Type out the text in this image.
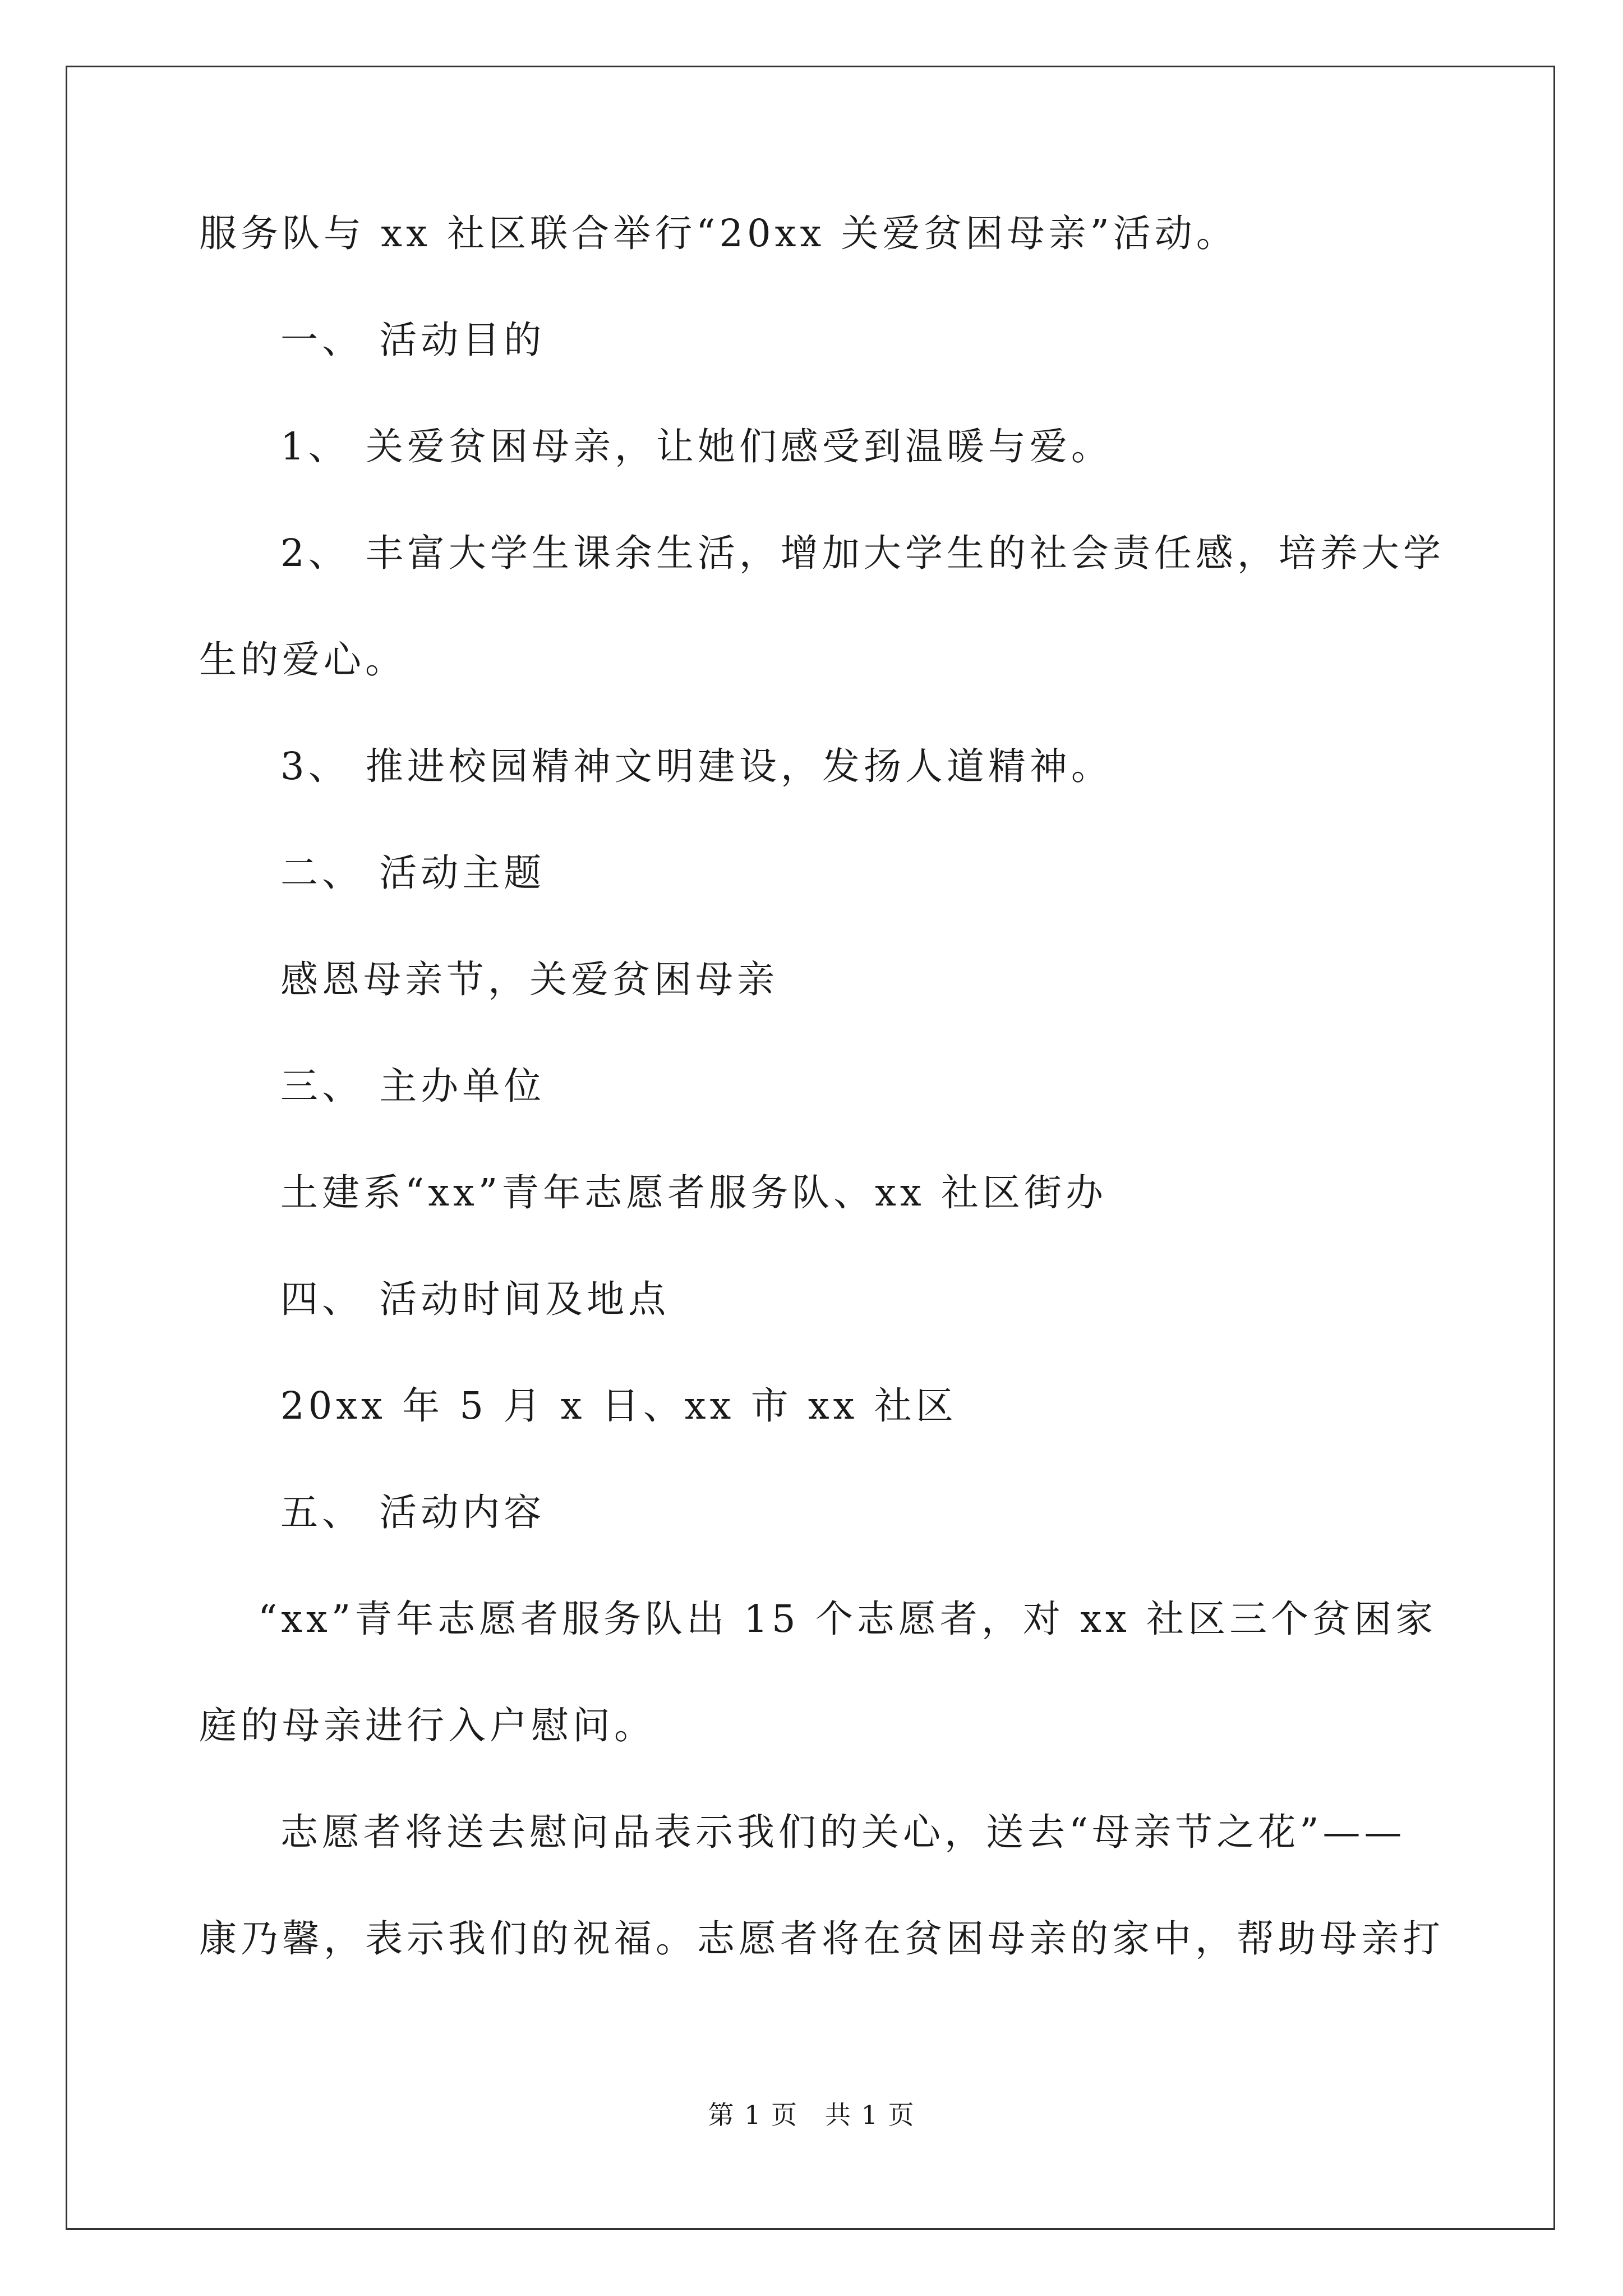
服务队与 xx 社区联合举行“20xx 关爱贫困母亲”活动。
一、 活动目的
1、 关爱贫困母亲，让她们感受到温暖与爱。
2、 丰富大学生课余生活，增加大学生的社会责任感，培养大学
生的爱心。
3、 推进校园精神文明建设，发扬人道精神。
二、 活动主题
感恩母亲节，关爱贫困母亲
三、 主办单位
土建系“xx”青年志愿者服务队、xx 社区街办
四、 活动时间及地点
20xx 年 5 月 x 日、xx 市 xx 社区
五、 活动内容
“xx”青年志愿者服务队出 15 个志愿者，对 xx 社区三个贫困家
庭的母亲进行入户慰问。
志愿者将送去慰问品表示我们的关心，送去“母亲节之花”——
康乃馨，表示我们的祝福。志愿者将在贫困母亲的家中，帮助母亲打
第 1 页　共 1 页
